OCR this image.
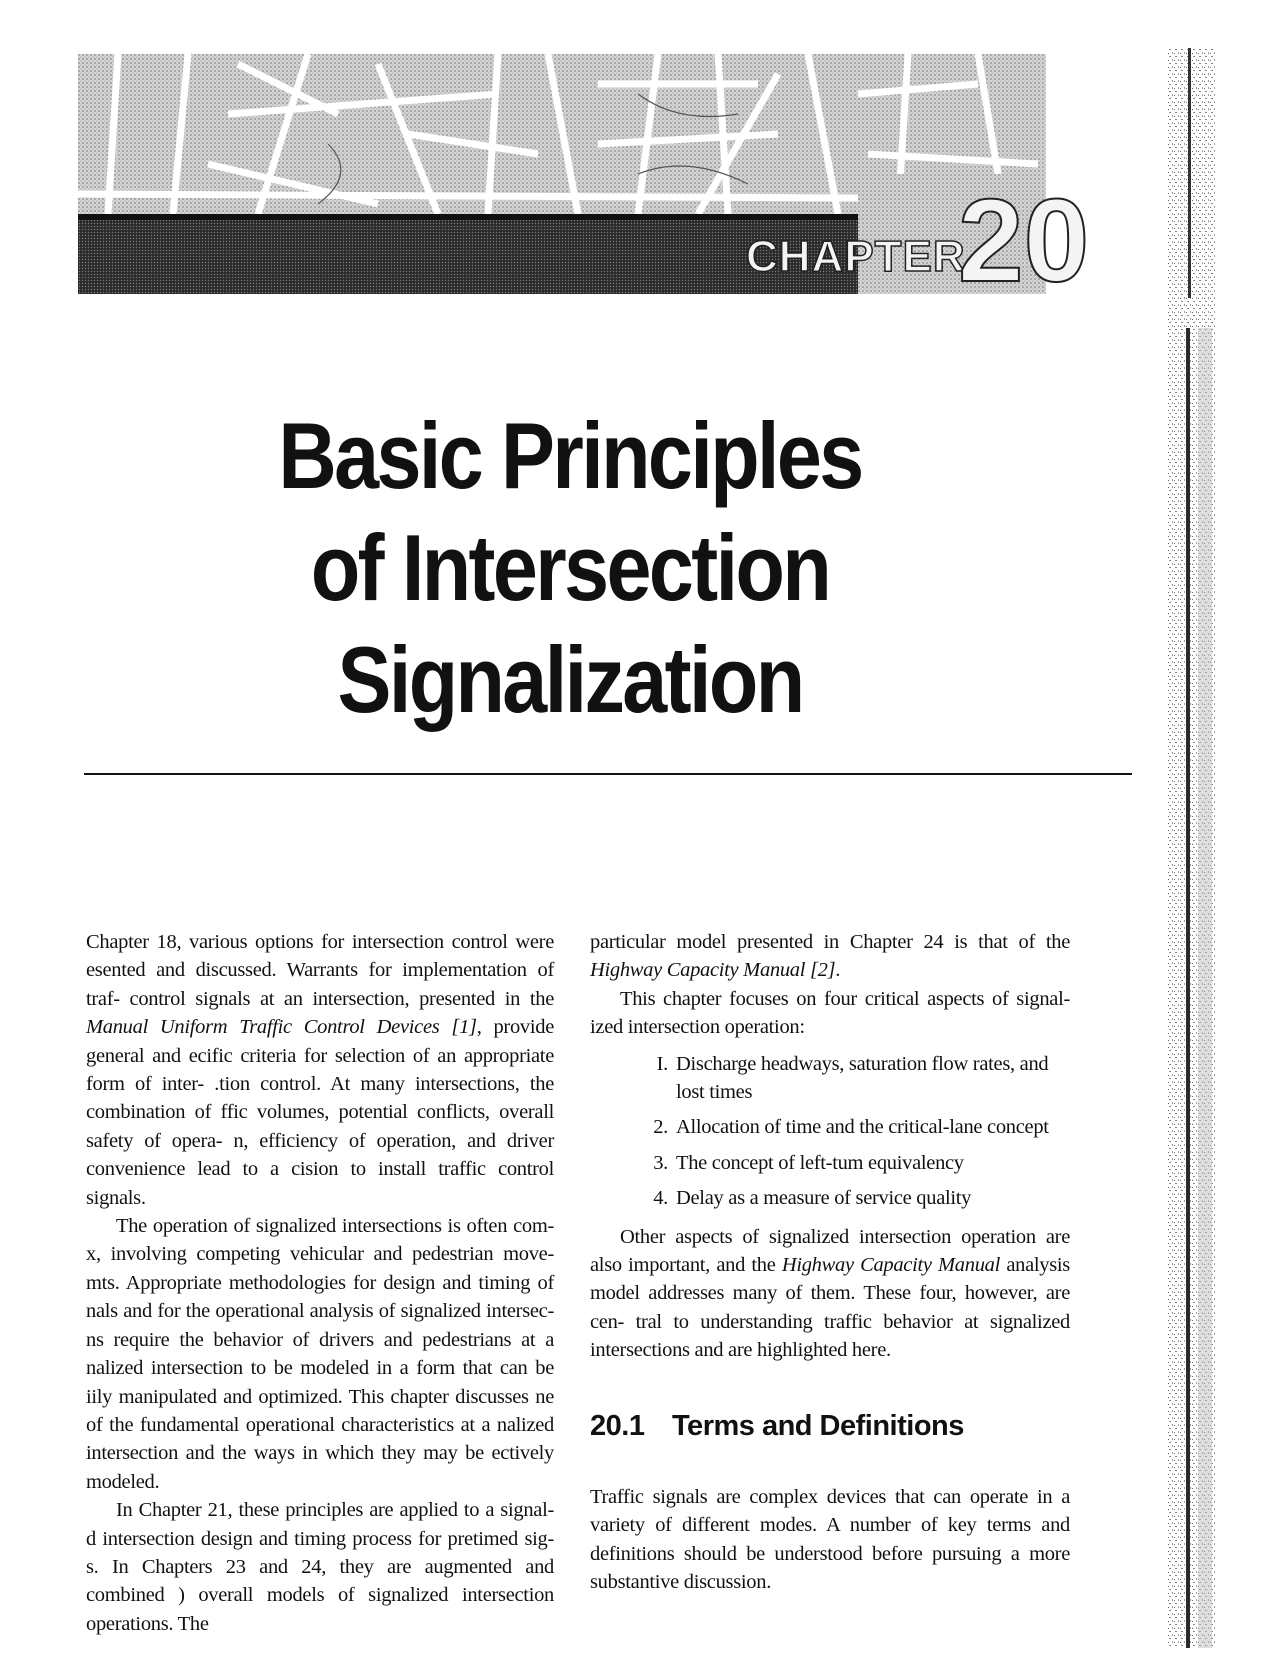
CHAPTER
20
Basic Principles
of Intersection
Signalization

Chapter 18, various options for intersection control were esented and discussed. Warrants for implementation of traf- control signals at an intersection, presented in the Manual Uniform Traffic Control Devices [1], provide general and ecific criteria for selection of an appropriate form of inter- .tion control. At many intersections, the combination of ffic volumes, potential conflicts, overall safety of opera- n, efficiency of operation, and driver convenience lead to a cision to install traffic control signals.

The operation of signalized intersections is often com- x, involving competing vehicular and pedestrian move- mts. Appropriate methodologies for design and timing of nals and for the operational analysis of signalized intersec- ns require the behavior of drivers and pedestrians at a nalized intersection to be modeled in a form that can be iily manipulated and optimized. This chapter discusses ne of the fundamental operational characteristics at a nalized intersection and the ways in which they may be ectively modeled.

In Chapter 21, these principles are applied to a signal- d intersection design and timing process for pretimed sig- s. In Chapters 23 and 24, they are augmented and combined ) overall models of signalized intersection operations. The

particular model presented in Chapter 24 is that of the Highway Capacity Manual [2].

This chapter focuses on four critical aspects of signal- ized intersection operation:

I. Discharge headways, saturation flow rates, and lost times
2. Allocation of time and the critical-lane concept
3. The concept of left-tum equivalency
4. Delay as a measure of service quality

Other aspects of signalized intersection operation are also important, and the Highway Capacity Manual analysis model addresses many of them. These four, however, are cen- tral to understanding traffic behavior at signalized intersections and are highlighted here.

20.1 Terms and Definitions

Traffic signals are complex devices that can operate in a variety of different modes. A number of key terms and definitions should be understood before pursuing a more substantive discussion.
